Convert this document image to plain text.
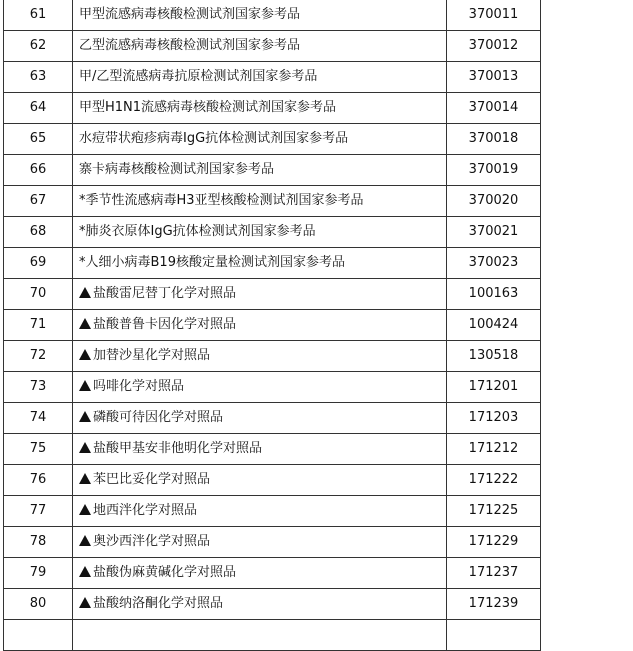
61	甲型流感病毒核酸检测试剂国家参考品	370011
62	乙型流感病毒核酸检测试剂国家参考品	370012
63	甲/乙型流感病毒抗原检测试剂国家参考品	370013
64	甲型H1N1流感病毒核酸检测试剂国家参考品	370014
65	水痘带状疱疹病毒IgG抗体检测试剂国家参考品	370018
66	寨卡病毒核酸检测试剂国家参考品	370019
67	*季节性流感病毒H3亚型核酸检测试剂国家参考品	370020
68	*肺炎衣原体IgG抗体检测试剂国家参考品	370021
69	*人细小病毒B19核酸定量检测试剂国家参考品	370023
70	盐酸雷尼替丁化学对照品	100163
71	盐酸普鲁卡因化学对照品	100424
72	加替沙星化学对照品	130518
73	吗啡化学对照品	171201
74	磷酸可待因化学对照品	171203
75	盐酸甲基安非他明化学对照品	171212
76	苯巴比妥化学对照品	171222
77	地西泮化学对照品	171225
78	奥沙西泮化学对照品	171229
79	盐酸伪麻黄碱化学对照品	171237
80	盐酸纳洛酮化学对照品	171239
